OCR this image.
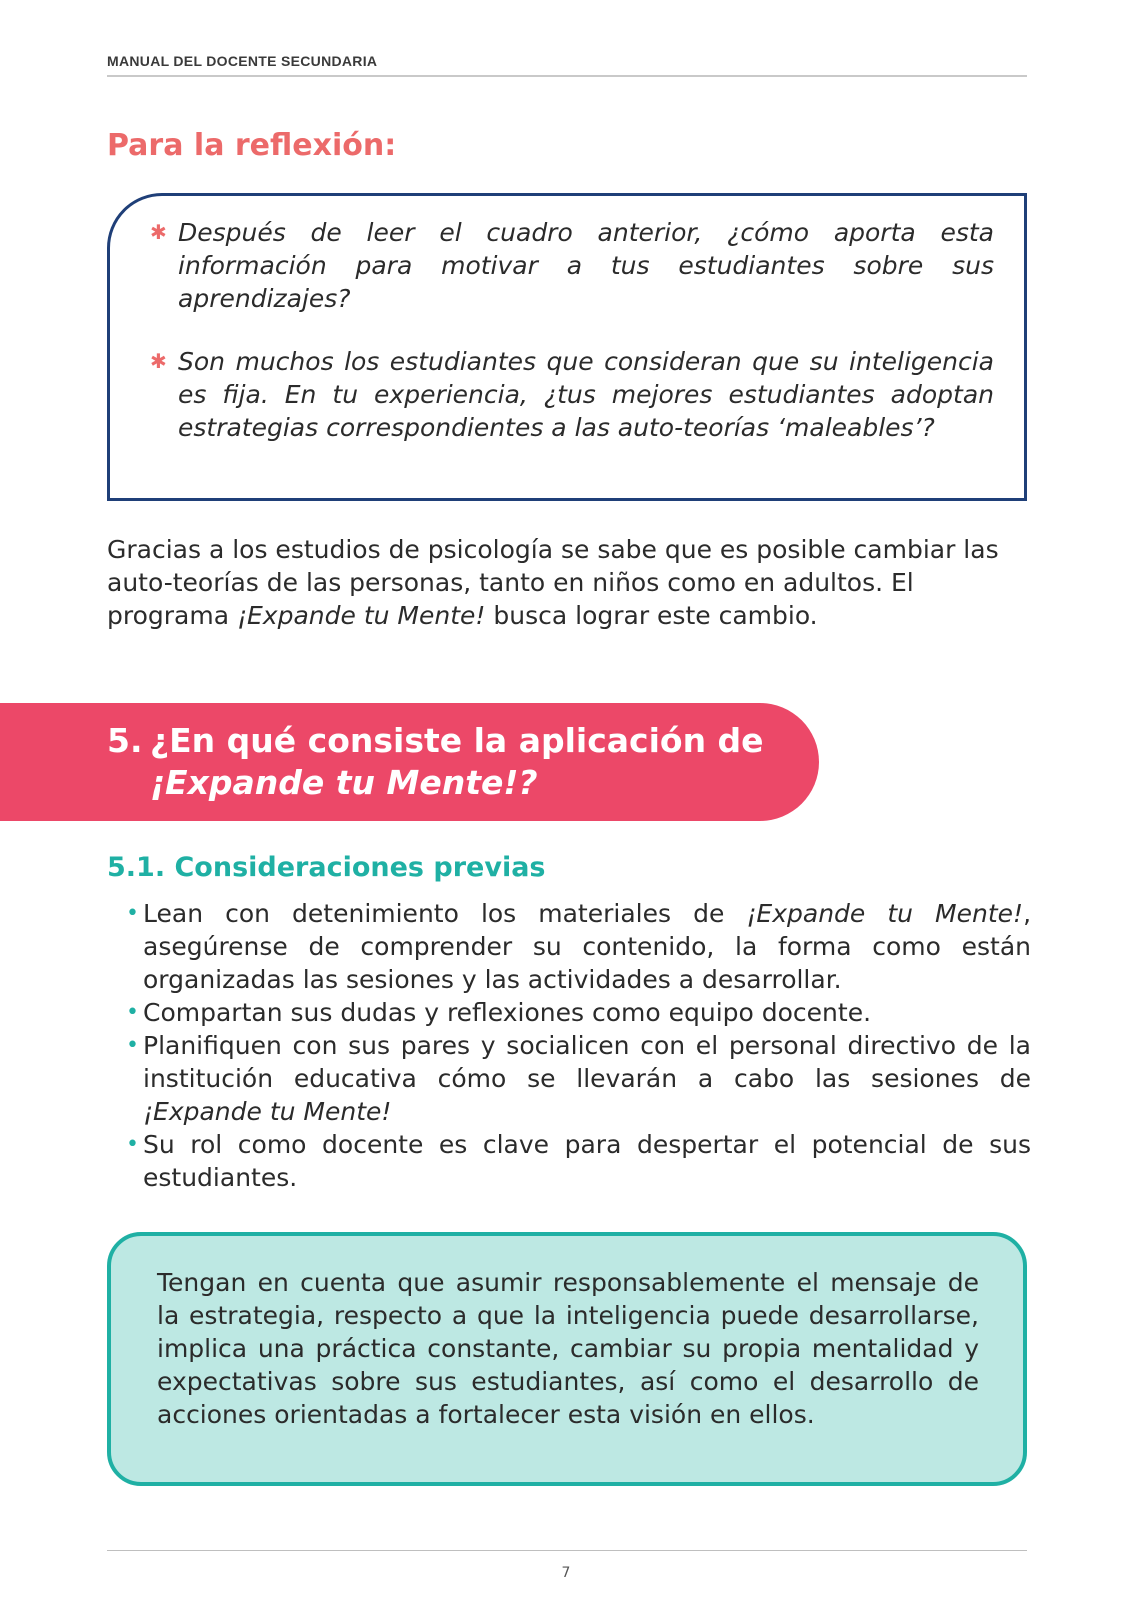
MANUAL DEL DOCENTE SECUNDARIA
Para la reflexión:
✱ Después de leer el cuadro anterior, ¿cómo aporta esta información para motivar a tus estudiantes sobre sus aprendizajes?

✱ Son muchos los estudiantes que consideran que su inteligencia es fija. En tu experiencia, ¿tus mejores estudiantes adoptan estrategias correspondientes a las auto-teorías ‘maleables’?

Gracias a los estudios de psicología se sabe que es posible cambiar las auto-teorías de las personas, tanto en niños como en adultos. El programa ¡Expande tu Mente! busca lograr este cambio.

5. ¿En qué consiste la aplicación de
¡Expande tu Mente!?
5.1. Consideraciones previas
• Lean con detenimiento los materiales de ¡Expande tu Mente!, asegúrense de comprender su contenido, la forma como están organizadas las sesiones y las actividades a desarrollar.
• Compartan sus dudas y reflexiones como equipo docente.
• Planifiquen con sus pares y socialicen con el personal directivo de la institución educativa cómo se llevarán a cabo las sesiones de ¡Expande tu Mente!
• Su rol como docente es clave para despertar el potencial de sus estudiantes.

Tengan en cuenta que asumir responsablemente el mensaje de la estrategia, respecto a que la inteligencia puede desarrollarse, implica una práctica constante, cambiar su propia mentalidad y expectativas sobre sus estudiantes, así como el desarrollo de acciones orientadas a fortalecer esta visión en ellos.

7
